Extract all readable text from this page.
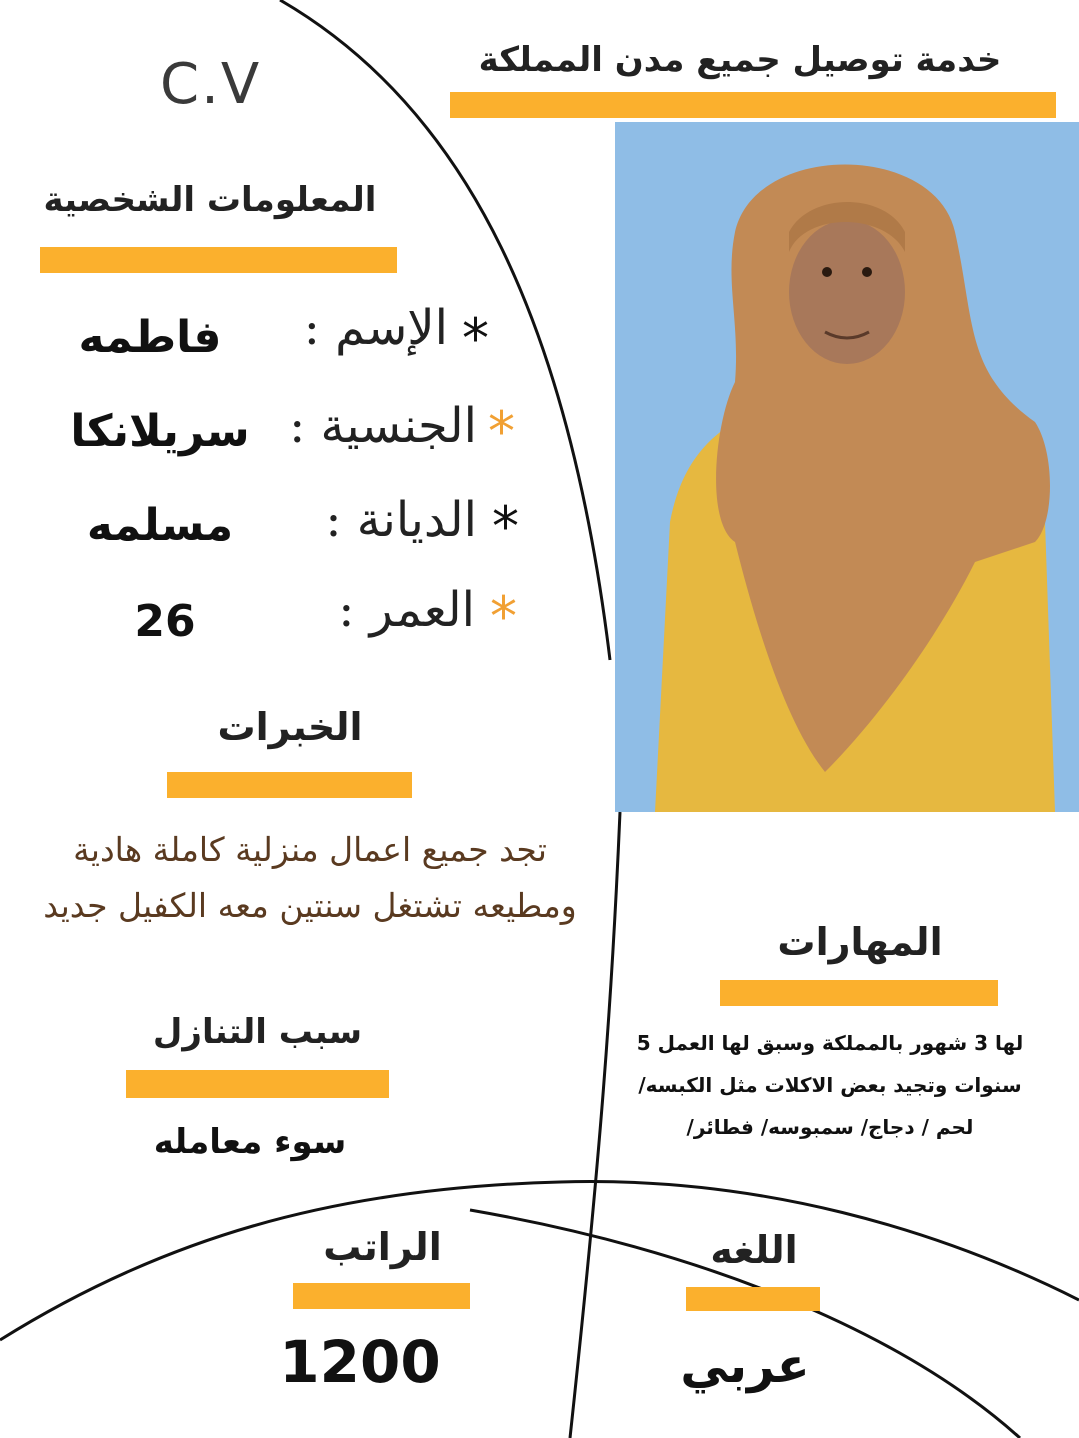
C.V	خدمة توصيل جميع مدن المملكة
المعلومات الشخصية
*
الإسم :
فاطمه
*
الجنسية :
سريلانكا
*
الديانة :
مسلمه
*
العمر :
26
الخبرات
تجد جميع اعمال منزلية كاملة هادية ومطيعه تشتغل سنتين معه الكفيل جديد
المهارات
لها 3 شهور بالمملكة وسبق لها العمل 5
سنوات وتجيد بعض الاكلات مثل الكبسه/
لحم / دجاج/ سمبوسه/ فطائر/
سبب التنازل
سوء معامله
الراتب
1200
اللغه
عربي
